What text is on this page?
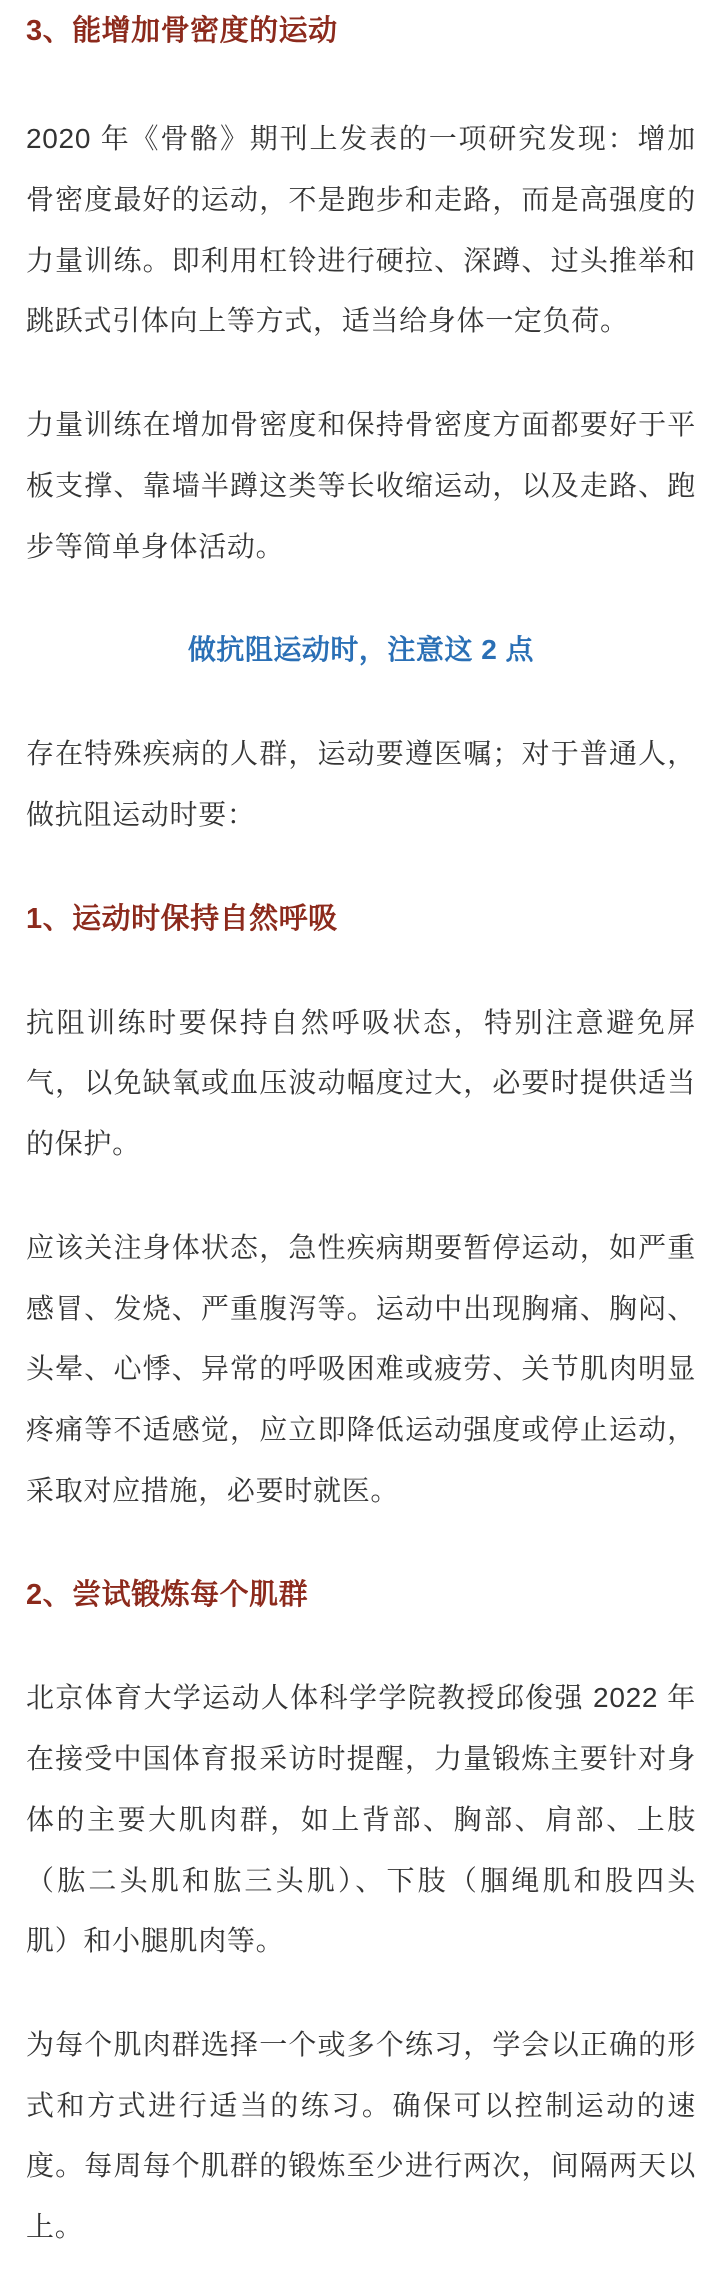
3、能增加骨密度的运动
2020 年《骨骼》期刊上发表的一项研究发现：增加
骨密度最好的运动，不是跑步和走路，而是高强度的
力量训练。即利用杠铃进行硬拉、深蹲、过头推举和
跳跃式引体向上等方式，适当给身体一定负荷。
力量训练在增加骨密度和保持骨密度方面都要好于平
板支撑、靠墙半蹲这类等长收缩运动，以及走路、跑
步等简单身体活动。
做抗阻运动时，注意这 2 点
存在特殊疾病的人群，运动要遵医嘱；对于普通人，
做抗阻运动时要：
1、运动时保持自然呼吸
抗阻训练时要保持自然呼吸状态，特别注意避免屏
气，以免缺氧或血压波动幅度过大，必要时提供适当
的保护。
应该关注身体状态，急性疾病期要暂停运动，如严重
感冒、发烧、严重腹泻等。运动中出现胸痛、胸闷、
头晕、心悸、异常的呼吸困难或疲劳、关节肌肉明显
疼痛等不适感觉，应立即降低运动强度或停止运动，
采取对应措施，必要时就医。
2、尝试锻炼每个肌群
北京体育大学运动人体科学学院教授邱俊强 2022 年
在接受中国体育报采访时提醒，力量锻炼主要针对身
体的主要大肌肉群，如上背部、胸部、肩部、上肢
（肱二头肌和肱三头肌）、下肢（腘绳肌和股四头
肌）和小腿肌肉等。
为每个肌肉群选择一个或多个练习，学会以正确的形
式和方式进行适当的练习。确保可以控制运动的速
度。每周每个肌群的锻炼至少进行两次，间隔两天以
上。
